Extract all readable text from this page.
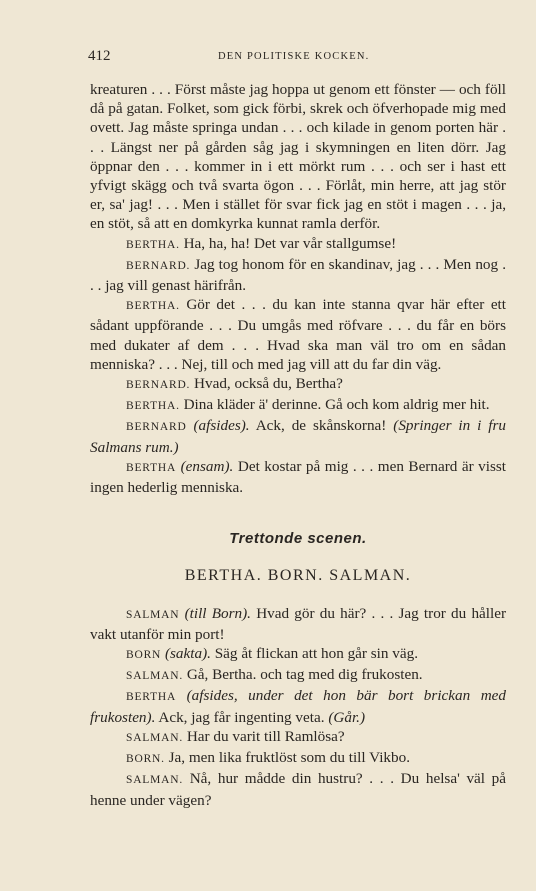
412	DEN POLITISKE KOCKEN.

kreaturen . . . Först måste jag hoppa ut genom ett fönster — och föll då på gatan. Folket, som gick förbi, skrek och öfverhopade mig med ovett. Jag måste springa undan . . . och kilade in genom porten här . . . Längst ner på gården såg jag i skymningen en liten dörr. Jag öppnar den . . . kommer in i ett mörkt rum . . . och ser i hast ett yfvigt skägg och två svarta ögon . . . Förlåt, min herre, att jag stör er, sa' jag! . . . Men i stället för svar fick jag en stöt i magen . . . ja, en stöt, så att en domkyrka kunnat ramla derför.

BERTHA. Ha, ha, ha! Det var vår stallgumse!

BERNARD. Jag tog honom för en skandinav, jag . . . Men nog . . . jag vill genast härifrån.

BERTHA. Gör det . . . du kan inte stanna qvar här efter ett sådant uppförande . . . Du umgås med röfvare . . . du får en börs med dukater af dem . . . Hvad ska man väl tro om en sådan menniska? . . . Nej, till och med jag vill att du far din väg.

BERNARD. Hvad, också du, Bertha?

BERTHA. Dina kläder ä' derinne. Gå och kom aldrig mer hit.

BERNARD (afsides). Ack, de skånskorna! (Springer in i fru Salmans rum.)

BERTHA (ensam). Det kostar på mig . . . men Bernard är visst ingen hederlig menniska.

Trettonde scenen.
BERTHA. BORN. SALMAN.

SALMAN (till Born). Hvad gör du här? . . . Jag tror du håller vakt utanför min port!

BORN (sakta). Säg åt flickan att hon går sin väg.

SALMAN. Gå, Bertha. och tag med dig frukosten.

BERTHA (afsides, under det hon bär bort brickan med frukosten). Ack, jag får ingenting veta. (Går.)

SALMAN. Har du varit till Ramlösa?

BORN. Ja, men lika fruktlöst som du till Vikbo.

SALMAN. Nå, hur mådde din hustru? . . . Du helsa' väl på henne under vägen?
